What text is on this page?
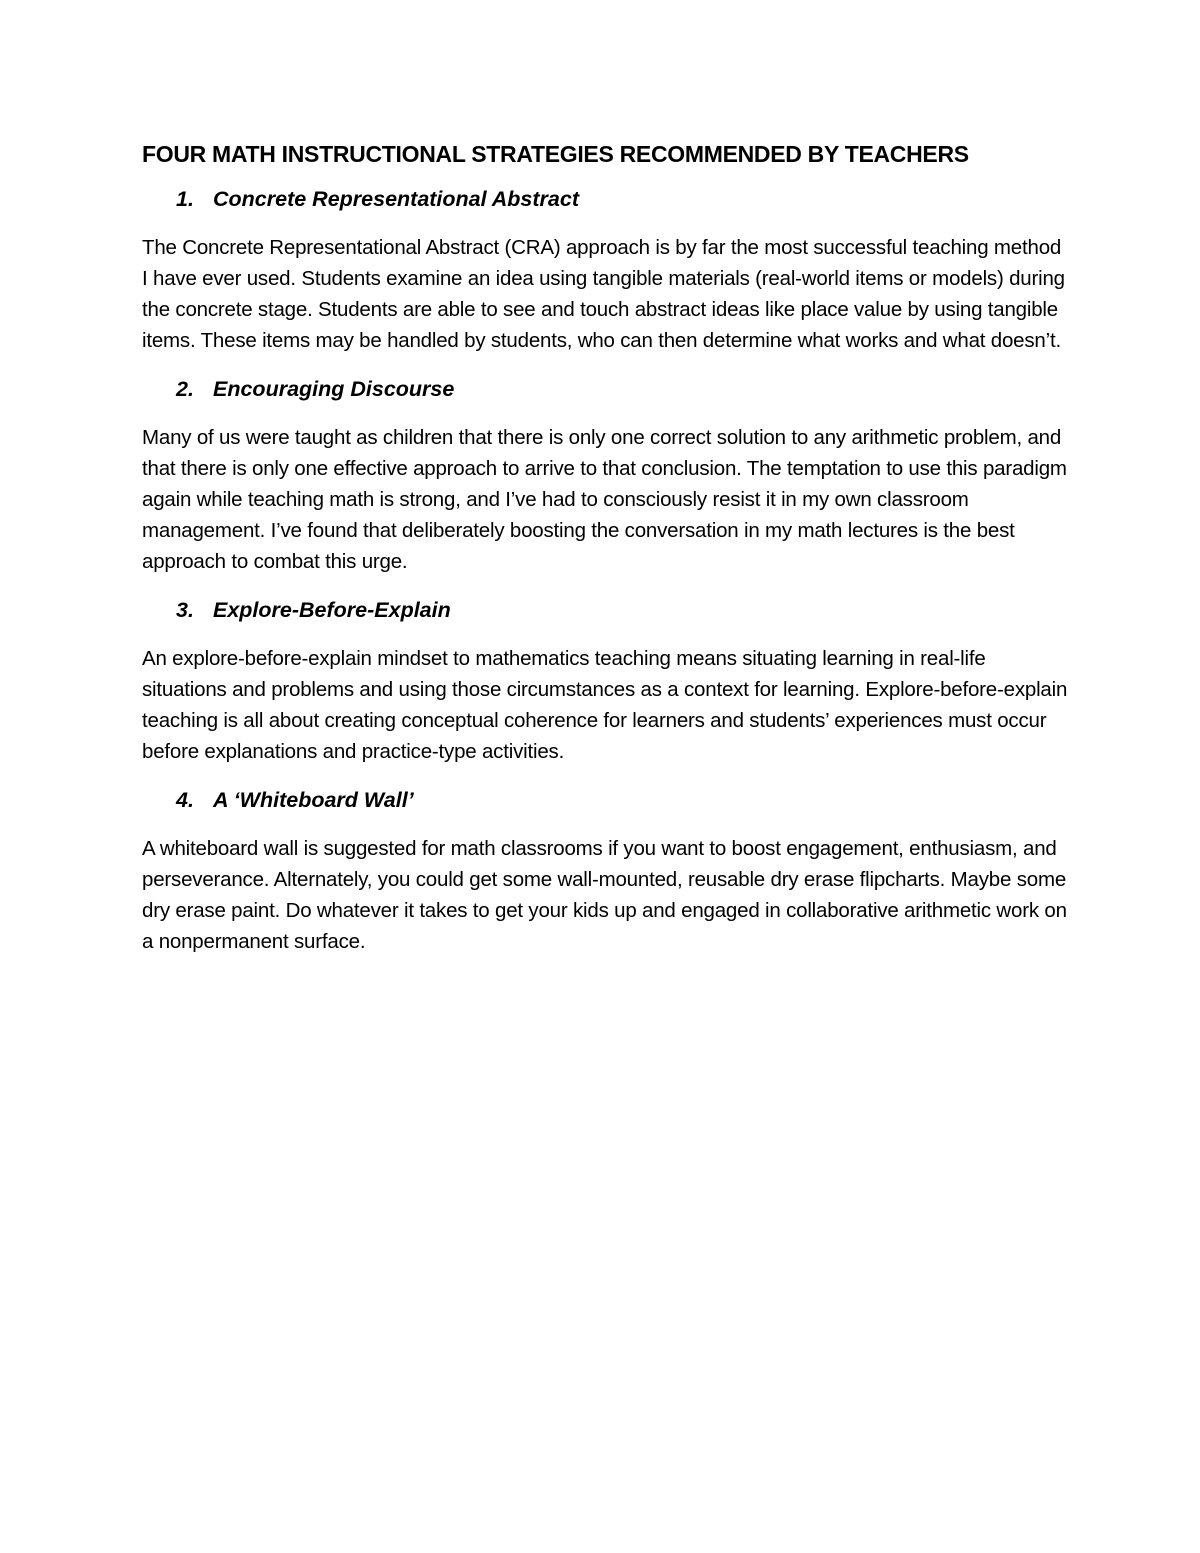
FOUR MATH INSTRUCTIONAL STRATEGIES RECOMMENDED BY TEACHERS
1. Concrete Representational Abstract

The Concrete Representational Abstract (CRA) approach is by far the most successful teaching method I have ever used. Students examine an idea using tangible materials (real-world items or models) during the concrete stage. Students are able to see and touch abstract ideas like place value by using tangible items. These items may be handled by students, who can then determine what works and what doesn’t.

2. Encouraging Discourse

Many of us were taught as children that there is only one correct solution to any arithmetic problem, and that there is only one effective approach to arrive to that conclusion. The temptation to use this paradigm again while teaching math is strong, and I’ve had to consciously resist it in my own classroom management. I’ve found that deliberately boosting the conversation in my math lectures is the best approach to combat this urge.

3. Explore-Before-Explain

An explore-before-explain mindset to mathematics teaching means situating learning in real-life situations and problems and using those circumstances as a context for learning. Explore-before-explain teaching is all about creating conceptual coherence for learners and students’ experiences must occur before explanations and practice-type activities.

4. A ‘Whiteboard Wall’

A whiteboard wall is suggested for math classrooms if you want to boost engagement, enthusiasm, and perseverance. Alternately, you could get some wall-mounted, reusable dry erase flipcharts. Maybe some dry erase paint. Do whatever it takes to get your kids up and engaged in collaborative arithmetic work on a nonpermanent surface.
